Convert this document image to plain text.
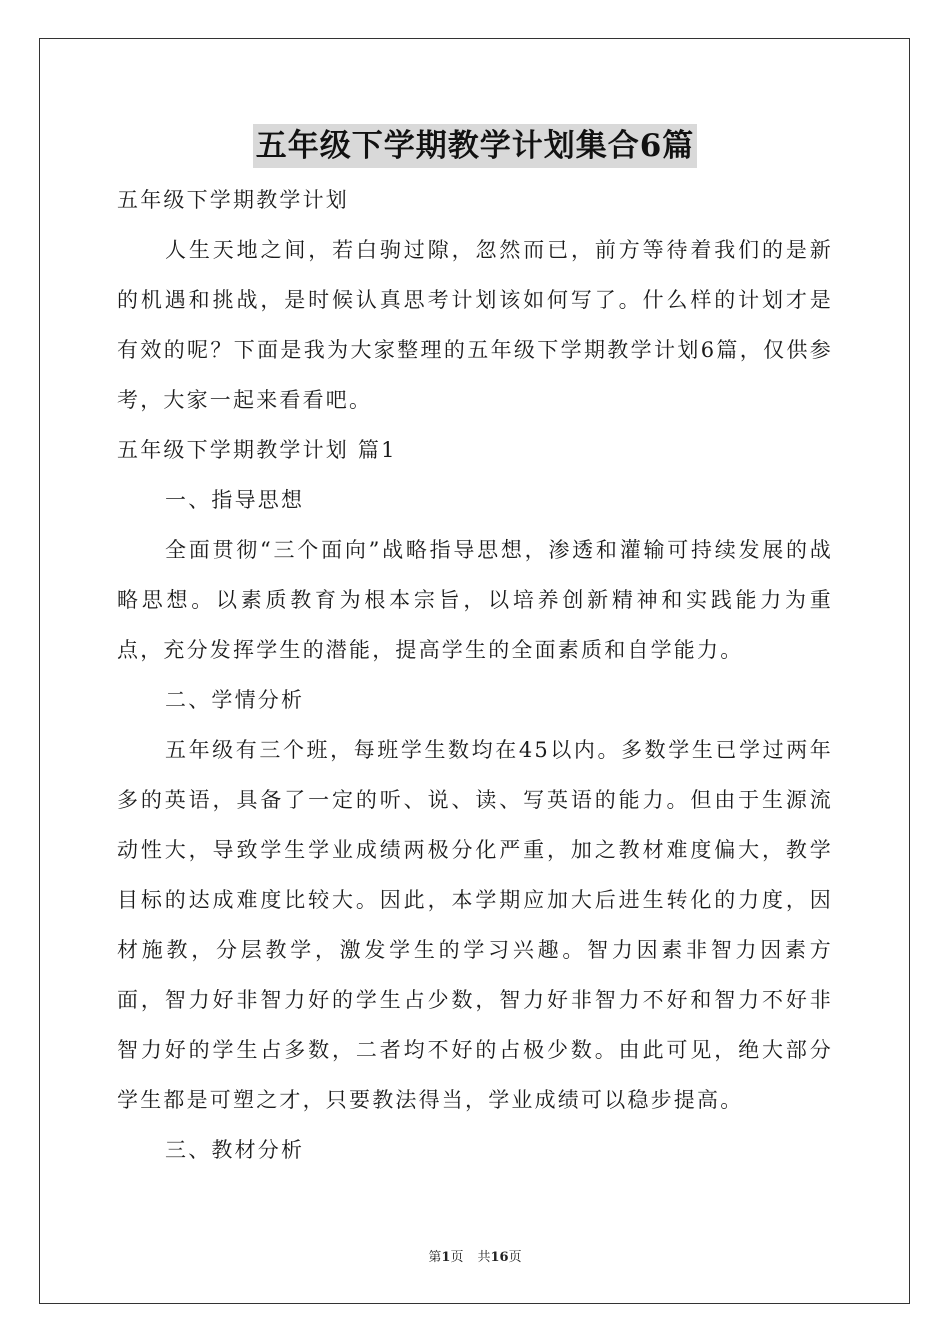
五年级下学期教学计划集合6篇

五年级下学期教学计划

人生天地之间，若白驹过隙，忽然而已，前方等待着我们的是新的机遇和挑战，是时候认真思考计划该如何写了。什么样的计划才是有效的呢？下面是我为大家整理的五年级下学期教学计划6篇，仅供参考，大家一起来看看吧。

五年级下学期教学计划 篇1

一、指导思想

全面贯彻“三个面向”战略指导思想，渗透和灌输可持续发展的战略思想。以素质教育为根本宗旨，以培养创新精神和实践能力为重点，充分发挥学生的潜能，提高学生的全面素质和自学能力。

二、学情分析

五年级有三个班，每班学生数均在45以内。多数学生已学过两年多的英语，具备了一定的听、说、读、写英语的能力。但由于生源流动性大，导致学生学业成绩两极分化严重，加之教材难度偏大，教学目标的达成难度比较大。因此，本学期应加大后进生转化的力度，因材施教，分层教学，激发学生的学习兴趣。智力因素非智力因素方面，智力好非智力好的学生占少数，智力好非智力不好和智力不好非智力好的学生占多数，二者均不好的占极少数。由此可见，绝大部分学生都是可塑之才，只要教法得当，学业成绩可以稳步提高。

三、教材分析

第1页 共16页
